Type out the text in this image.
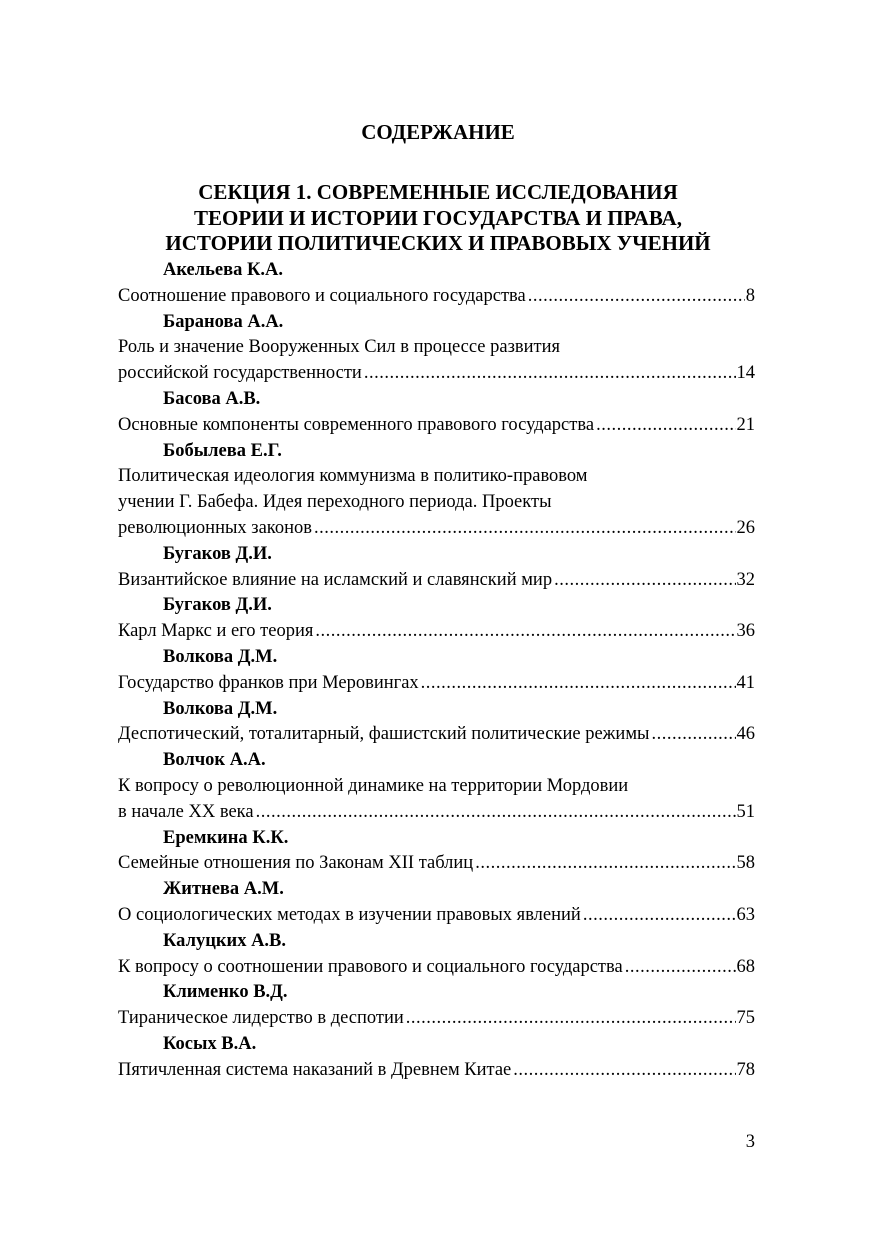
СОДЕРЖАНИЕ
СЕКЦИЯ 1. СОВРЕМЕННЫЕ ИССЛЕДОВАНИЯ
ТЕОРИИ И ИСТОРИИ ГОСУДАРСТВА И ПРАВА,
ИСТОРИИ ПОЛИТИЧЕСКИХ И ПРАВОВЫХ УЧЕНИЙ
Акельева К.А.
Соотношение правового и социального государства .....	8
Баранова А.А.
Роль и значение Вооруженных Сил в процессе развития
российской государственности .....	14
Басова А.В.
Основные компоненты современного правового государства .....	21
Бобылева Е.Г.
Политическая идеология коммунизма в политико-правовом
учении Г. Бабефа. Идея переходного периода. Проекты
революционных законов .....	26
Бугаков Д.И.
Византийское влияние на исламский и славянский мир .....	32
Бугаков Д.И.
Карл Маркс и его теория .....	36
Волкова Д.М.
Государство франков при Меровингах .....	41
Волкова Д.М.
Деспотический, тоталитарный, фашистский политические режимы .....	46
Волчок А.А.
К вопросу о революционной динамике на территории Мордовии
в начале XX века .....	51
Еремкина К.К.
Семейные отношения по Законам XII таблиц .....	58
Житнева А.М.
О социологических методах в изучении правовых явлений .....	63
Калуцких А.В.
К вопросу о соотношении правового и социального государства .....	68
Клименко В.Д.
Тираническое лидерство в деспотии .....	75
Косых В.А.
Пятичленная система наказаний в Древнем Китае .....	78
3
